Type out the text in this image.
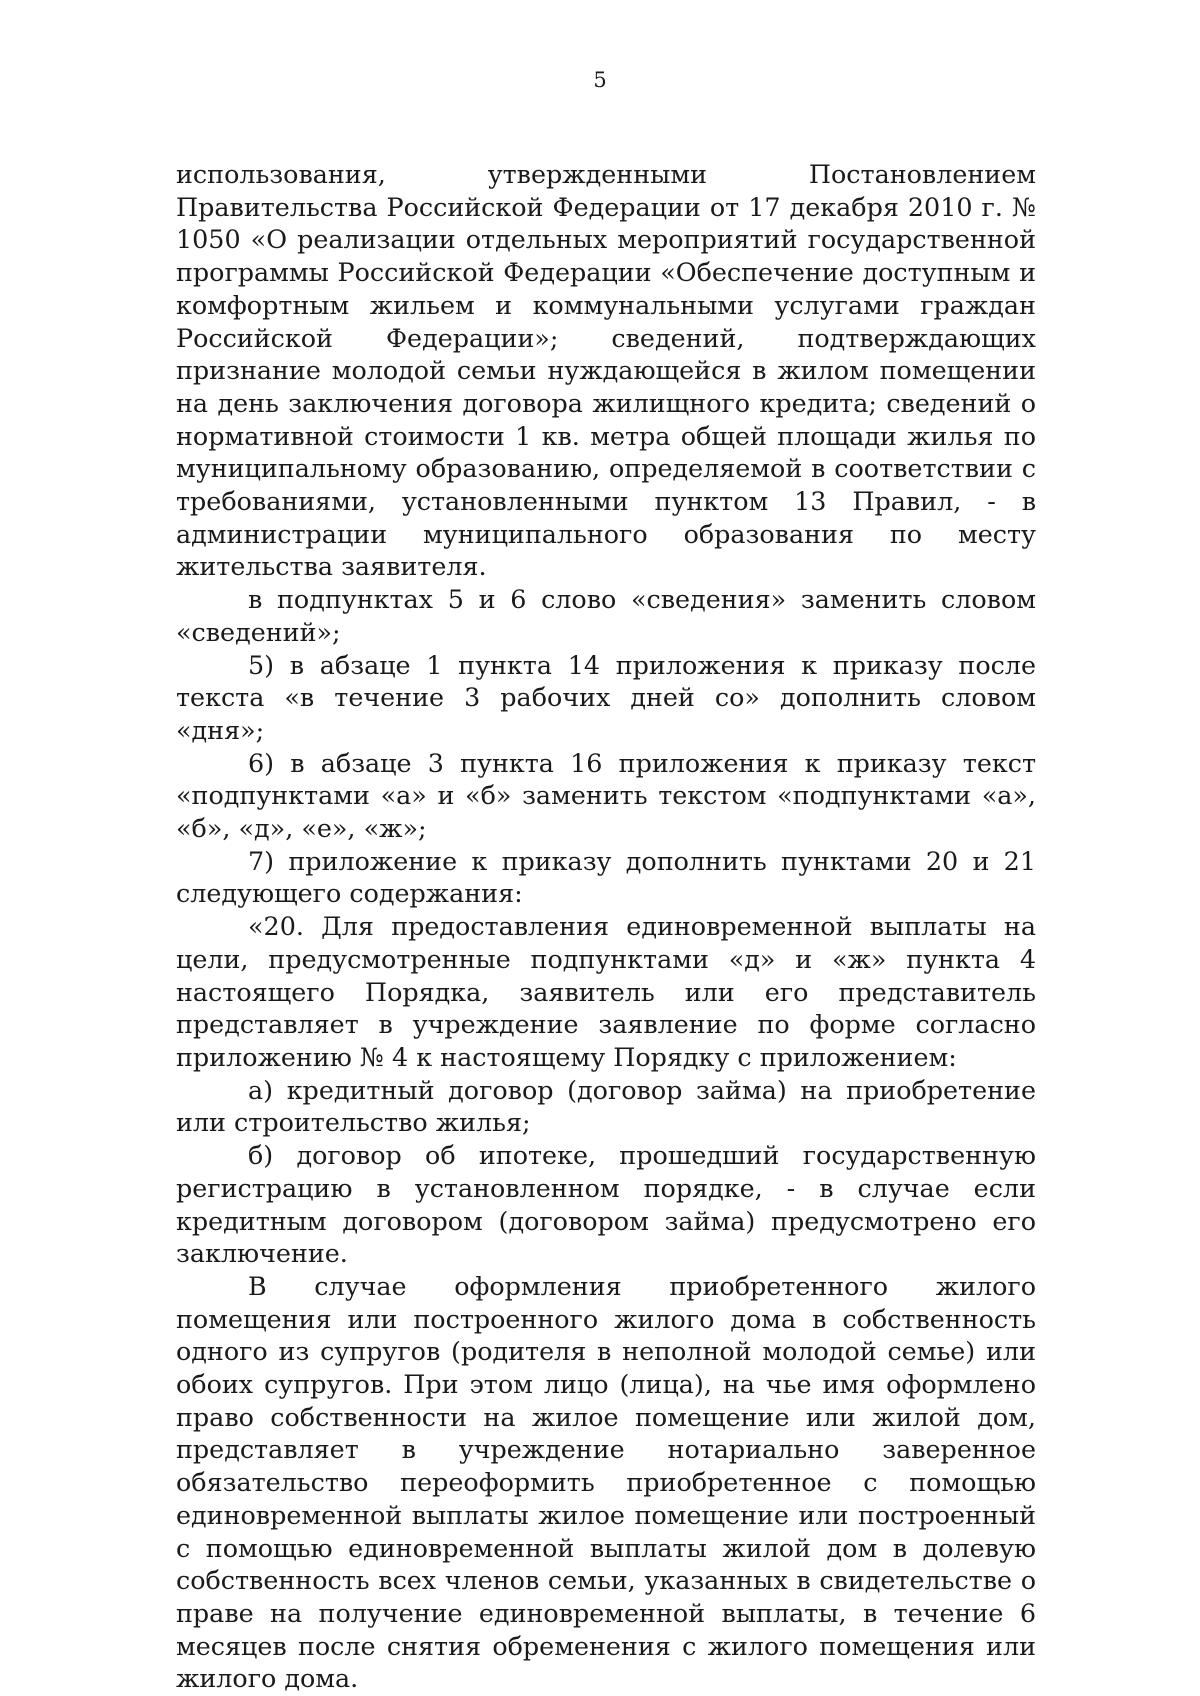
5

использования, утвержденными Постановлением Правительства Российской Федерации от 17 декабря 2010 г. № 1050 «О реализации отдельных мероприятий государственной программы Российской Федерации «Обеспечение доступным и комфортным жильем и коммунальными услугами граждан Российской Федерации»; сведений, подтверждающих признание молодой семьи нуждающейся в жилом помещении на день заключения договора жилищного кредита; сведений о нормативной стоимости 1 кв. метра общей площади жилья по муниципальному образованию, определяемой в соответствии с требованиями, установленными пунктом 13 Правил, - в администрации муниципального образования по месту жительства заявителя.

в подпунктах 5 и 6 слово «сведения» заменить словом «сведений»;

5) в абзаце 1 пункта 14 приложения к приказу после текста «в течение 3 рабочих дней со» дополнить словом «дня»;

6) в абзаце 3 пункта 16 приложения к приказу текст «подпунктами «а» и «б» заменить текстом «подпунктами «а», «б», «д», «е», «ж»;

7) приложение к приказу дополнить пунктами 20 и 21 следующего содержания:

«20. Для предоставления единовременной выплаты на цели, предусмотренные подпунктами «д» и «ж» пункта 4 настоящего Порядка, заявитель или его представитель представляет в учреждение заявление по форме согласно приложению № 4 к настоящему Порядку с приложением:

а) кредитный договор (договор займа) на приобретение или строительство жилья;

б) договор об ипотеке, прошедший государственную регистрацию в установленном порядке, - в случае если кредитным договором (договором займа) предусмотрено его заключение.

В случае оформления приобретенного жилого помещения или построенного жилого дома в собственность одного из супругов (родителя в неполной молодой семье) или обоих супругов. При этом лицо (лица), на чье имя оформлено право собственности на жилое помещение или жилой дом, представляет в учреждение нотариально заверенное обязательство переоформить приобретенное с помощью единовременной выплаты жилое помещение или построенный с помощью единовременной выплаты жилой дом в долевую собственность всех членов семьи, указанных в свидетельстве о праве на получение единовременной выплаты, в течение 6 месяцев после снятия обременения с жилого помещения или жилого дома.
